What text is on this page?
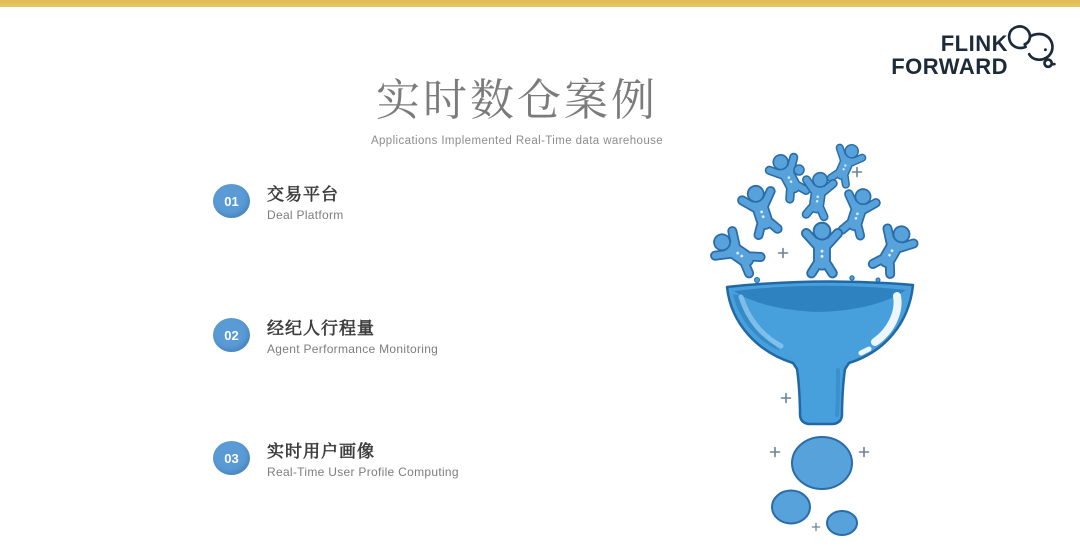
FLINK
FORWARD
实时数仓案例
Applications Implemented Real-Time data warehouse
01	交易平台
Deal Platform
02	经纪人行程量
Agent Performance Monitoring
03	实时用户画像
Real-Time User Profile Computing
